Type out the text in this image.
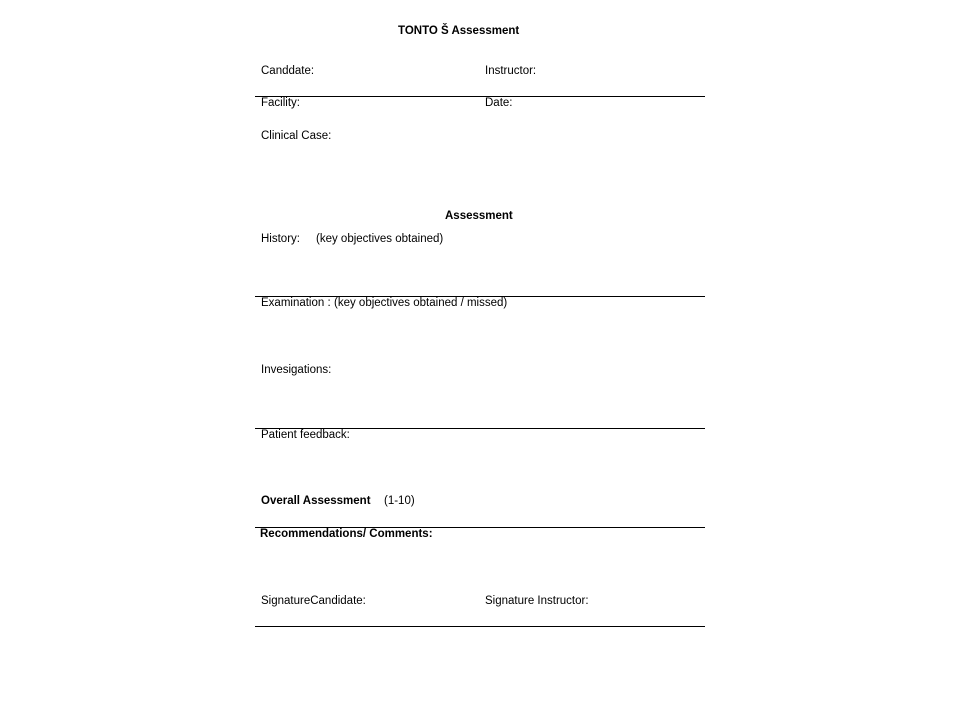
TONTO Š Assessment
Canddate:	Instructor:
Facility:	Date:
Clinical Case:
Assessment
History: (key objectives obtained)
Examination : (key objectives obtained / missed)
Invesigations:
Patient feedback:
Overall Assessment (1-10)
Recommendations/ Comments:
SignatureCandidate:	Signature Instructor:
